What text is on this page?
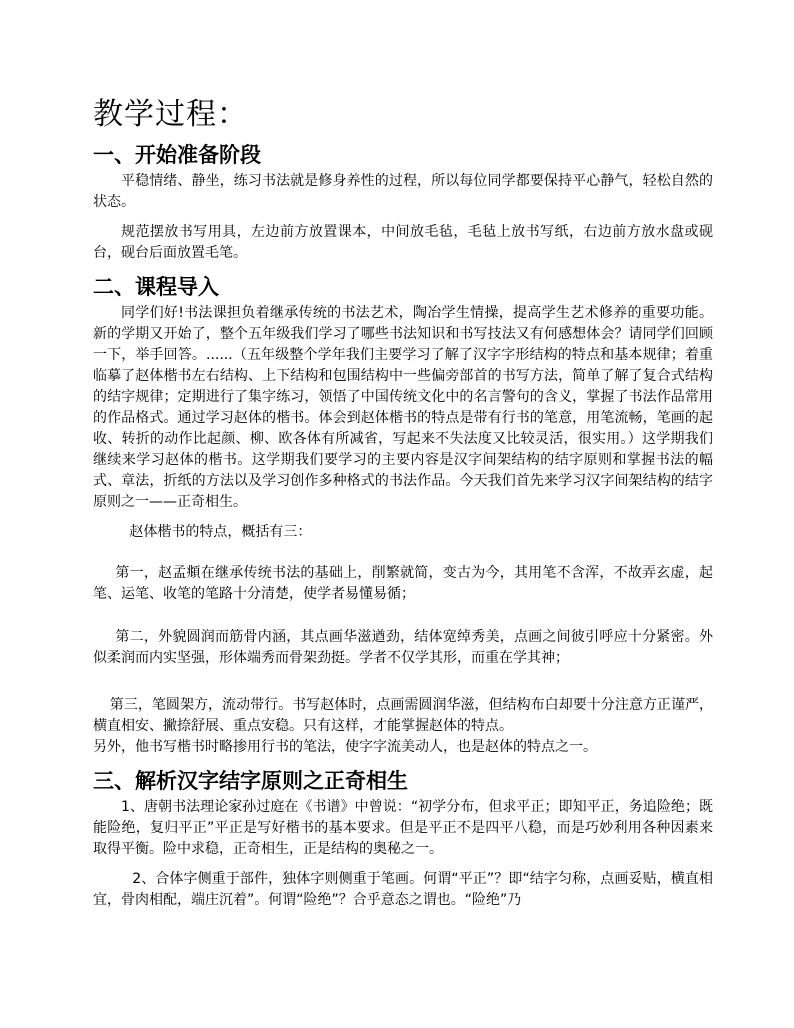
教学过程：
一、开始准备阶段

平稳情绪、静坐，练习书法就是修身养性的过程，所以每位同学都要保持平心静气，轻松自然的状态。

规范摆放书写用具，左边前方放置课本，中间放毛毡，毛毡上放书写纸，右边前方放水盘或砚台，砚台后面放置毛笔。

二、课程导入

同学们好!书法课担负着继承传统的书法艺术，陶冶学生情操，提高学生艺术修养的重要功能。新的学期又开始了，整个五年级我们学习了哪些书法知识和书写技法又有何感想体会？请同学们回顾一下，举手回答。......（五年级整个学年我们主要学习了解了汉字字形结构的特点和基本规律；着重临摹了赵体楷书左右结构、上下结构和包围结构中一些偏旁部首的书写方法，简单了解了复合式结构的结字规律；定期进行了集字练习，领悟了中国传统文化中的名言警句的含义，掌握了书法作品常用的作品格式。通过学习赵体的楷书。体会到赵体楷书的特点是带有行书的笔意，用笔流畅，笔画的起收、转折的动作比起颜、柳、欧各体有所减省，写起来不失法度又比较灵活，很实用。）这学期我们继续来学习赵体的楷书。这学期我们要学习的主要内容是汉字间架结构的结字原则和掌握书法的幅式、章法，折纸的方法以及学习创作多种格式的书法作品。今天我们首先来学习汉字间架结构的结字原则之一——正奇相生。

赵体楷书的特点，概括有三：

第一，赵孟頫在继承传统书法的基础上，削繁就简，变古为今，其用笔不含浑，不故弄玄虚，起笔、运笔、收笔的笔路十分清楚，使学者易懂易循；

第二，外貌圆润而筋骨内涵，其点画华滋遒劲，结体宽绰秀美，点画之间彼引呼应十分紧密。外似柔润而内实坚强，形体端秀而骨架劲挺。学者不仅学其形，而重在学其神；

第三，笔圆架方，流动带行。书写赵体时，点画需圆润华滋，但结构布白却要十分注意方正谨严，横直相安、撇捺舒展、重点安稳。只有这样，才能掌握赵体的特点。

另外，他书写楷书时略掺用行书的笔法，使字字流美动人，也是赵体的特点之一。

三、解析汉字结字原则之正奇相生

1、唐朝书法理论家孙过庭在《书谱》中曾说：“初学分布，但求平正；即知平正，务追险绝；既能险绝，复归平正”平正是写好楷书的基本要求。但是平正不是四平八稳，而是巧妙利用各种因素来取得平衡。险中求稳，正奇相生，正是结构的奥秘之一。

2、合体字侧重于部件，独体字则侧重于笔画。何谓“平正”？即“结字匀称，点画妥贴，横直相宜，骨肉相配，端庄沉着”。何谓“险绝”？合乎意态之谓也。“险绝”乃
